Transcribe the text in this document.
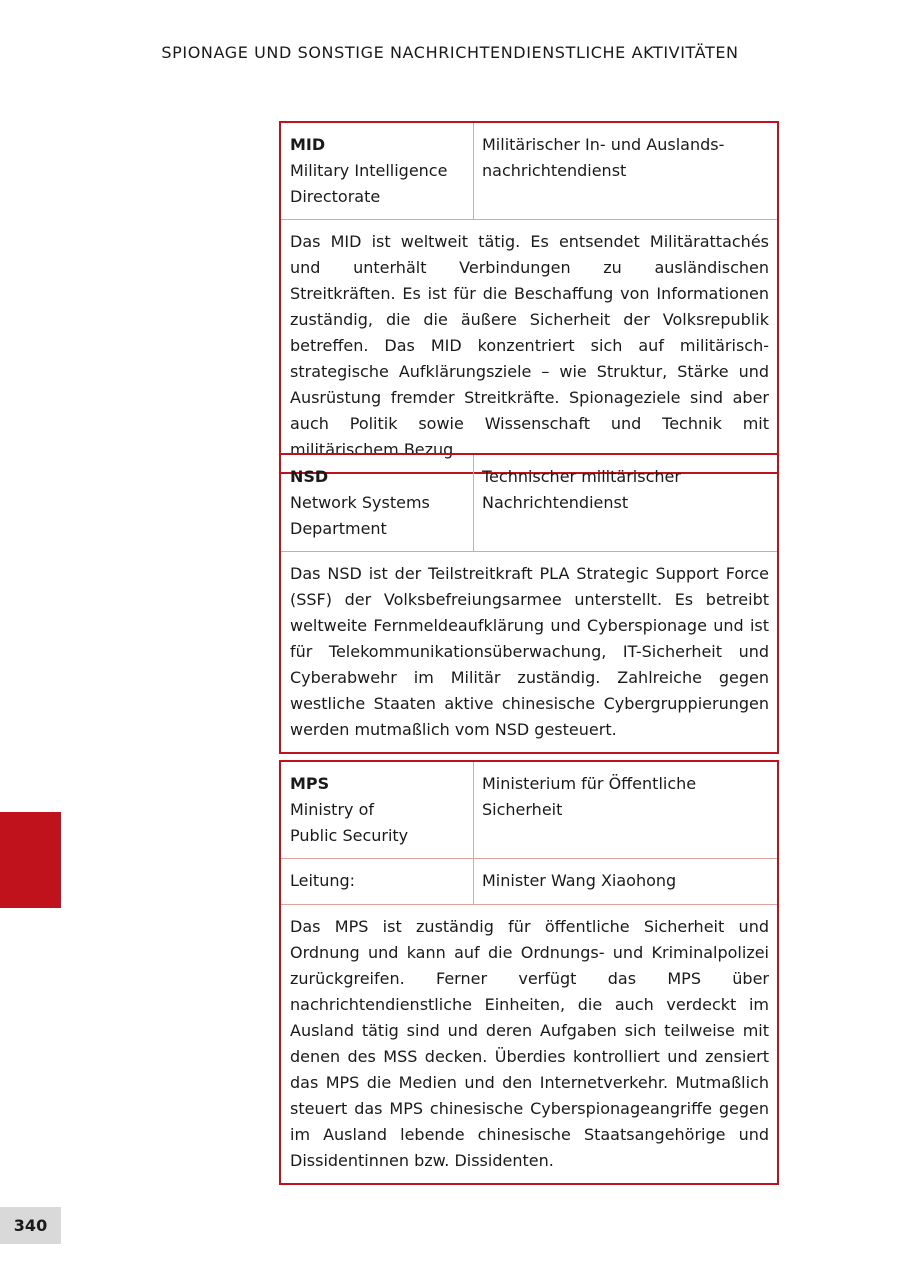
SPIONAGE UND SONSTIGE NACHRICHTENDIENSTLICHE AKTIVITÄTEN
MID
Military Intelligence
Directorate
Militärischer In- und Auslands-
nachrichtendienst
Das MID ist weltweit tätig. Es entsendet Militärattachés und unterhält Verbindungen zu ausländischen Streitkräften. Es ist für die Beschaffung von Informationen zuständig, die die äußere Sicherheit der Volksrepublik betreffen. Das MID konzentriert sich auf militärisch-strategische Aufklärungsziele – wie Struktur, Stärke und Ausrüstung fremder Streitkräfte. Spionageziele sind aber auch Politik sowie Wissenschaft und Technik mit militärischem Bezug.
NSD
Network Systems
Department
Technischer militärischer
Nachrichtendienst
Das NSD ist der Teilstreitkraft PLA Strategic Support Force (SSF) der Volksbefreiungsarmee unterstellt. Es betreibt weltweite Fernmeldeaufklärung und Cyberspionage und ist für Telekommunikationsüberwachung, IT-Sicherheit und Cyberabwehr im Militär zuständig. Zahlreiche gegen westliche Staaten aktive chinesische Cybergruppierungen werden mutmaßlich vom NSD gesteuert.
MPS
Ministry of
Public Security
Ministerium für Öffentliche Sicherheit
Leitung:	Minister Wang Xiaohong
Das MPS ist zuständig für öffentliche Sicherheit und Ordnung und kann auf die Ordnungs- und Kriminalpolizei zurückgreifen. Ferner verfügt das MPS über nachrichtendienstliche Einheiten, die auch verdeckt im Ausland tätig sind und deren Aufgaben sich teilweise mit denen des MSS decken. Überdies kontrolliert und zensiert das MPS die Medien und den Internetverkehr. Mutmaßlich steuert das MPS chinesische Cyberspionageangriffe gegen im Ausland lebende chinesische Staatsangehörige und Dissidentinnen bzw. Dissidenten.
340
